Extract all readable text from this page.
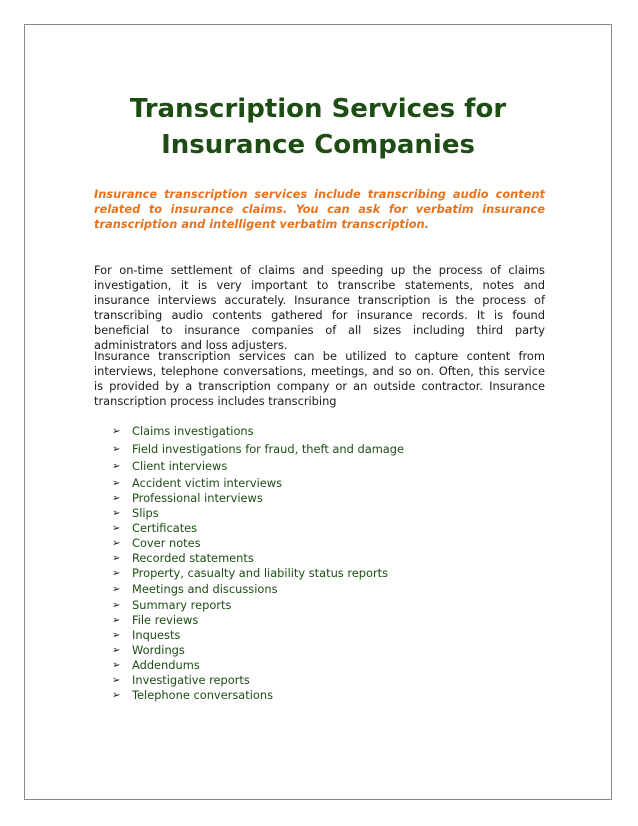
Transcription Services for
Insurance Companies

Insurance transcription services include transcribing audio content related to insurance claims. You can ask for verbatim insurance transcription and intelligent verbatim transcription.

For on-time settlement of claims and speeding up the process of claims investigation, it is very important to transcribe statements, notes and insurance interviews accurately. Insurance transcription is the process of transcribing audio contents gathered for insurance records. It is found beneficial to insurance companies of all sizes including third party administrators and loss adjusters.

Insurance transcription services can be utilized to capture content from interviews, telephone conversations, meetings, and so on. Often, this service is provided by a transcription company or an outside contractor. Insurance transcription process includes transcribing

➢	Claims investigations
➢	Field investigations for fraud, theft and damage
➢	Client interviews
➢	Accident victim interviews
➢	Professional interviews
➢	Slips
➢	Certificates
➢	Cover notes
➢	Recorded statements
➢	Property, casualty and liability status reports
➢	Meetings and discussions
➢	Summary reports
➢	File reviews
➢	Inquests
➢	Wordings
➢	Addendums
➢	Investigative reports
➢	Telephone conversations
